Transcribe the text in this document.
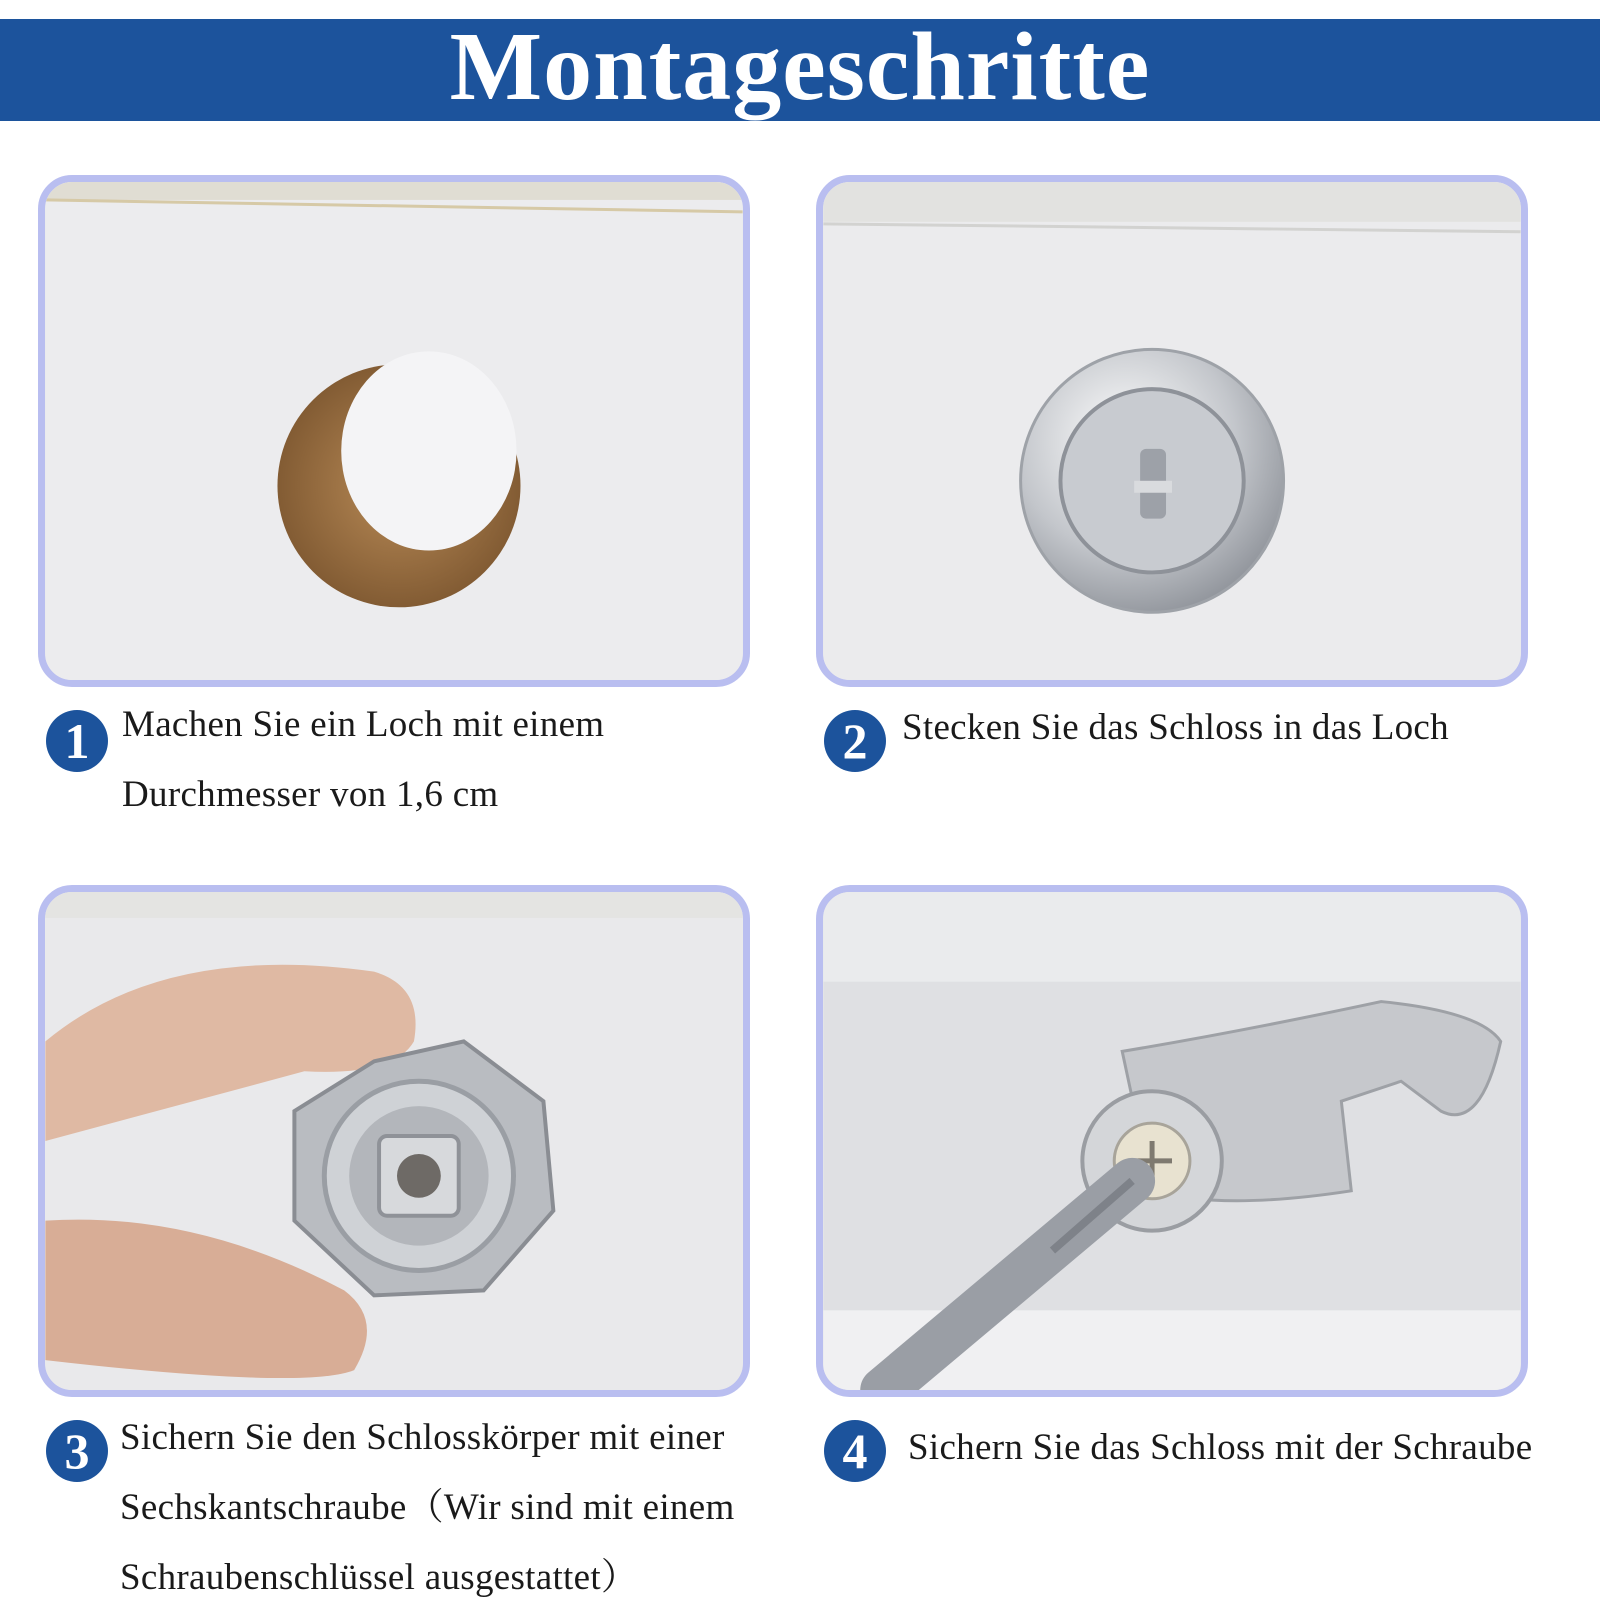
Montageschritte
1	2
3	4
Machen Sie ein Loch mit einem
Durchmesser von 1,6 cm
Stecken Sie das Schloss in das Loch
Sichern Sie den Schlosskörper mit einer
Sechskantschraube（Wir sind mit einem
Schraubenschlüssel ausgestattet）
Sichern Sie das Schloss mit der Schraube
